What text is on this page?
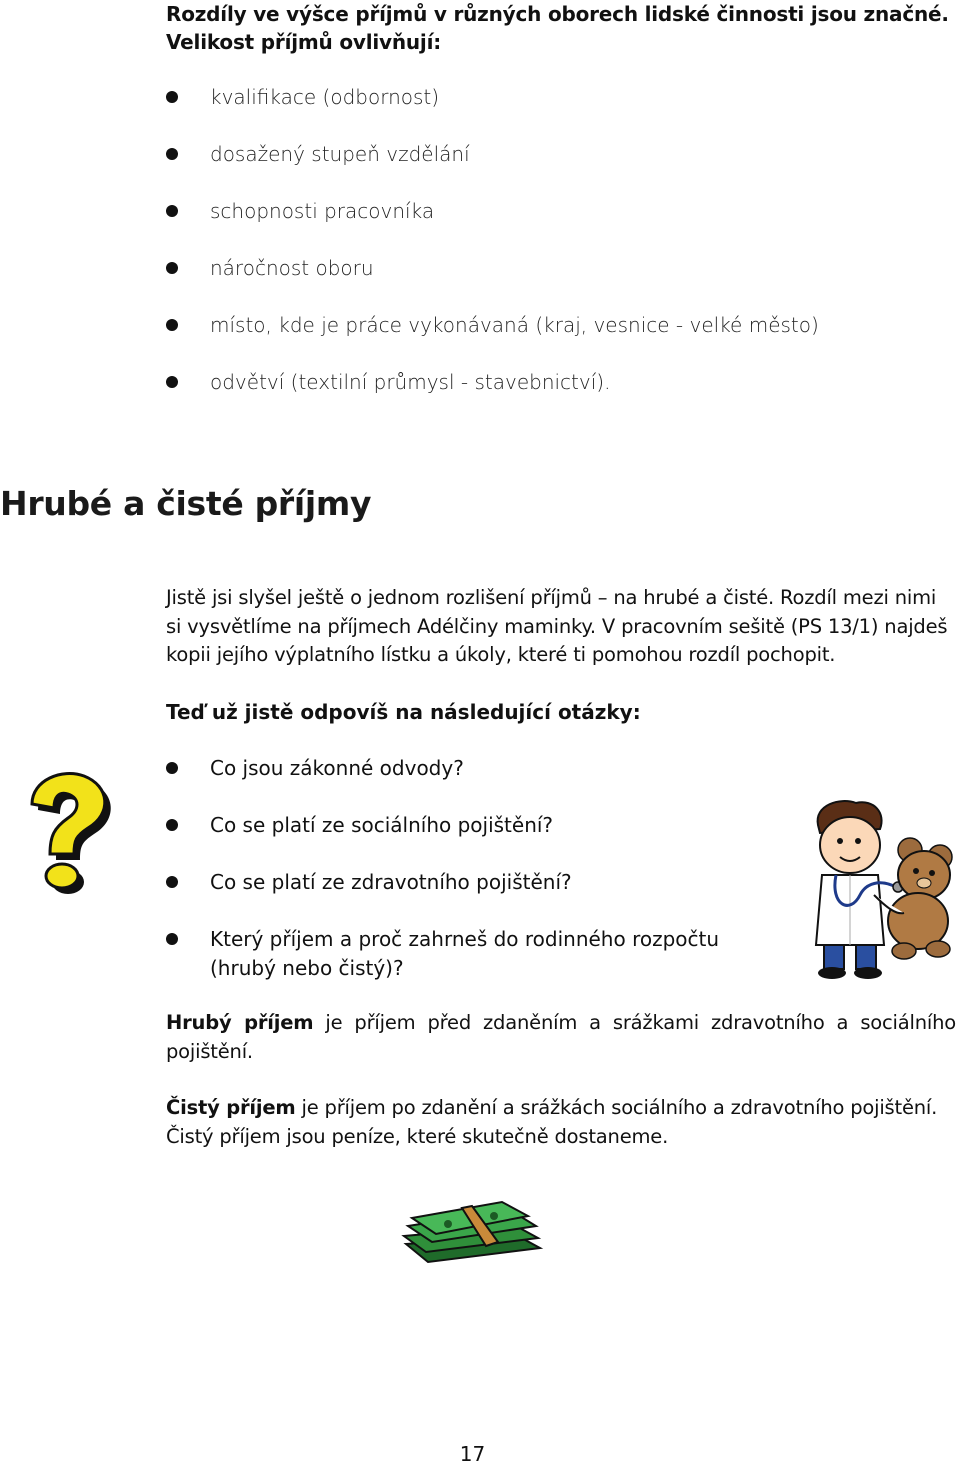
Rozdíly ve výšce příjmů v různých oborech lidské činnosti jsou značné. Velikost příjmů ovlivňují:
kvalifikace (odbornost)
dosažený stupeň vzdělání
schopnosti pracovníka
náročnost oboru
místo, kde je práce vykonávaná (kraj, vesnice - velké město)
odvětví (textilní průmysl - stavebnictví).
Hrubé a čisté příjmy
Jistě jsi slyšel ještě o jednom rozlišení příjmů – na hrubé a čisté. Rozdíl mezi nimi si vysvětlíme na příjmech Adélčiny maminky. V pracovním sešitě (PS 13/1) najdeš kopii jejího výplatního lístku a úkoly, které ti pomohou rozdíl pochopit.
Teď už jistě odpovíš na následující otázky:
Co jsou zákonné odvody?
Co se platí ze sociálního pojištění?
Co se platí ze zdravotního pojištění?
Který příjem a proč zahrneš do rodinného rozpočtu (hrubý nebo čistý)?
Hrubý příjem je příjem před zdaněním a srážkami zdravotního a sociálního pojištění.
Čistý příjem je příjem po zdanění a srážkách sociálního a zdravotního pojištění. Čistý příjem jsou peníze, které skutečně dostaneme.
17
